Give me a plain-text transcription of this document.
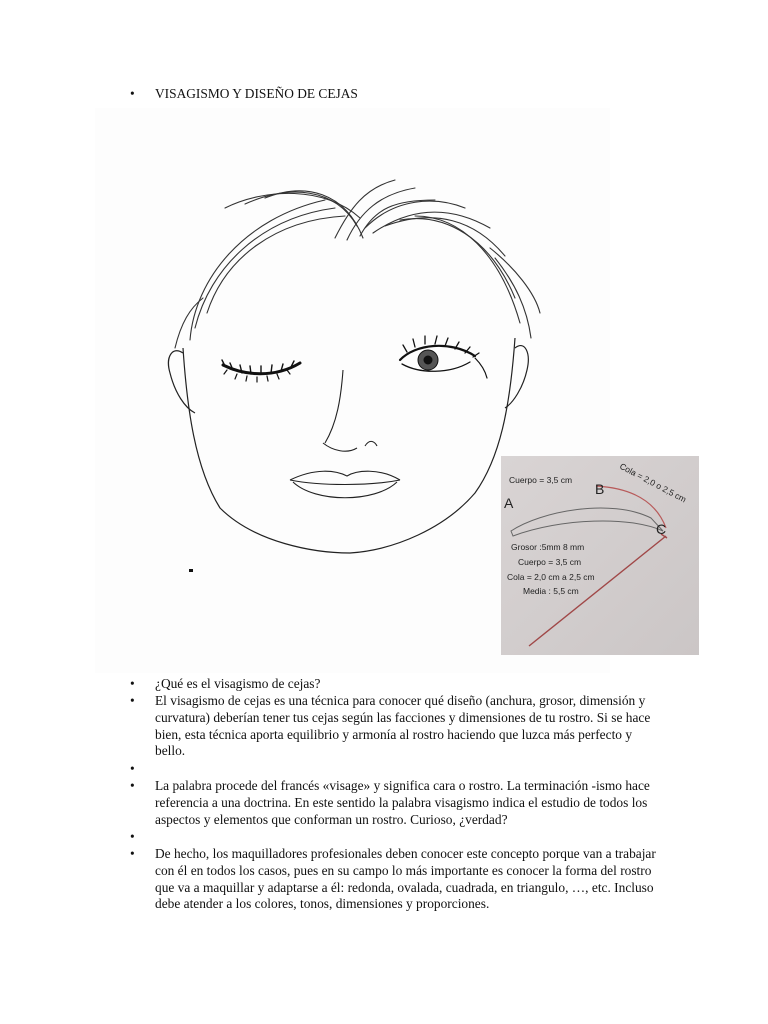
• VISAGISMO Y DISEÑO DE CEJAS
Cuerpo = 3,5 cm	Cola = 2,0 o 2,5 cm
A
B
C
Grosor :5mm 8 mm
Cuerpo = 3,5 cm
Cola = 2,0 cm a 2,5 cm
Media : 5,5 cm
• ¿Qué es el visagismo de cejas?
• El visagismo de cejas es una técnica para conocer qué diseño (anchura, grosor, dimensión y curvatura) deberían tener tus cejas según las facciones y dimensiones de tu rostro. Si se hace bien, esta técnica aporta equilibrio y armonía al rostro haciendo que luzca más perfecto y bello.
•
• La palabra procede del francés «visage» y significa cara o rostro. La terminación -ismo hace referencia a una doctrina. En este sentido la palabra visagismo indica el estudio de todos los aspectos y elementos que conforman un rostro. Curioso, ¿verdad?
•
• De hecho, los maquilladores profesionales deben conocer este concepto porque van a trabajar con él en todos los casos, pues en su campo lo más importante es conocer la forma del rostro que va a maquillar y adaptarse a él: redonda, ovalada, cuadrada, en triangulo, …, etc. Incluso debe atender a los colores, tonos, dimensiones y proporciones.
